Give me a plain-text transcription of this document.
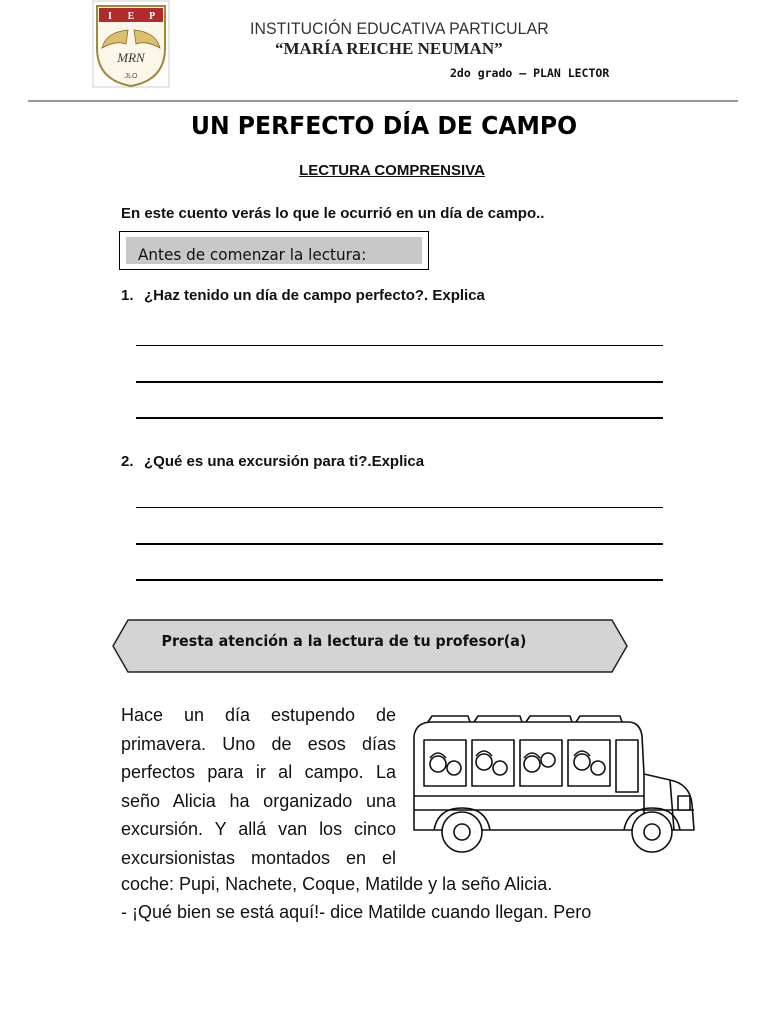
I E P
MRN
JLO
INSTITUCIÓN EDUCATIVA PARTICULAR
“MARÍA REICHE NEUMAN”
2do grado – PLAN LECTOR
UN PERFECTO DÍA DE CAMPO
LECTURA COMPRENSIVA
En este cuento verás lo que le ocurrió en un día de campo..
Antes de comenzar la lectura:
1. ¿Haz tenido un día de campo perfecto?. Explica
2. ¿Qué es una excursión para ti?.Explica
Presta atención a la lectura de tu profesor(a)
Hace un día estupendo de
primavera. Uno de esos días
perfectos para ir al campo. La
seño Alicia ha organizado una
excursión. Y allá van los cinco
excursionistas montados en el
coche: Pupi, Nachete, Coque, Matilde y la seño Alicia.
- ¡Qué bien se está aquí!- dice Matilde cuando llegan. Pero
